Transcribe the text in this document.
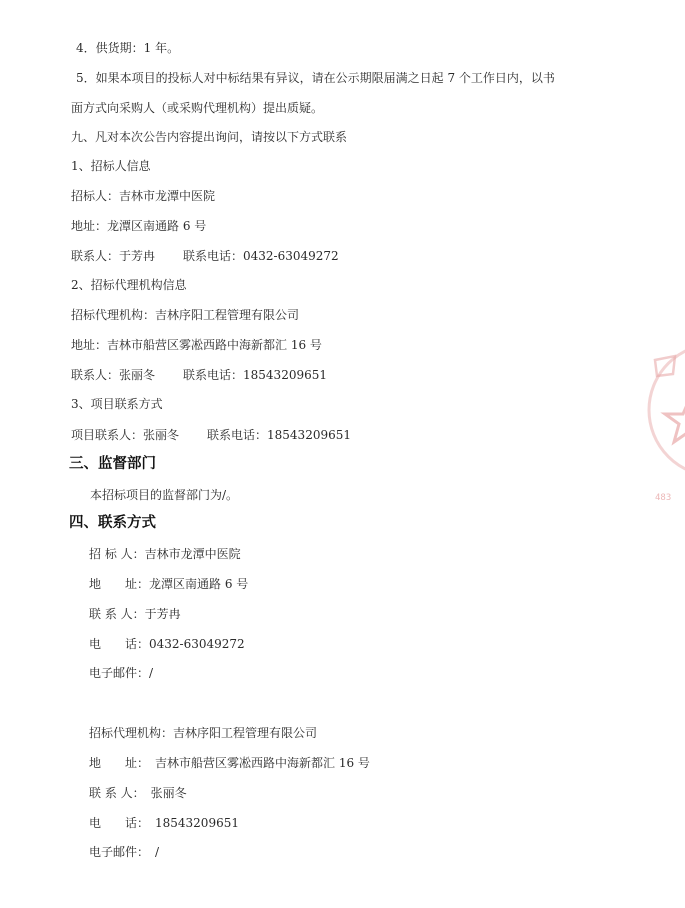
4．供货期：1 年。
5．如果本项目的投标人对中标结果有异议，请在公示期限届满之日起 7 个工作日内，以书
面方式向采购人（或采购代理机构）提出质疑。
九、凡对本次公告内容提出询问，请按以下方式联系
1、招标人信息
招标人：吉林市龙潭中医院
地址：龙潭区南通路 6 号
联系人：于芳冉 联系电话：0432-63049272
2、招标代理机构信息
招标代理机构：吉林序阳工程管理有限公司
地址：吉林市船营区雾凇西路中海新都汇 16 号
联系人：张丽冬 联系电话：18543209651
3、项目联系方式
项目联系人：张丽冬 联系电话：18543209651
三、监督部门
本招标项目的监督部门为/。
四、联系方式
招 标 人：吉林市龙潭中医院
地　　址：龙潭区南通路 6 号
联 系 人：于芳冉
电　　话：0432-63049272
电子邮件：/
招标代理机构：吉林序阳工程管理有限公司
地　　址：　吉林市船营区雾凇西路中海新都汇 16 号
联 系 人：　张丽冬
电　　话：　18543209651
电子邮件：　/
483
